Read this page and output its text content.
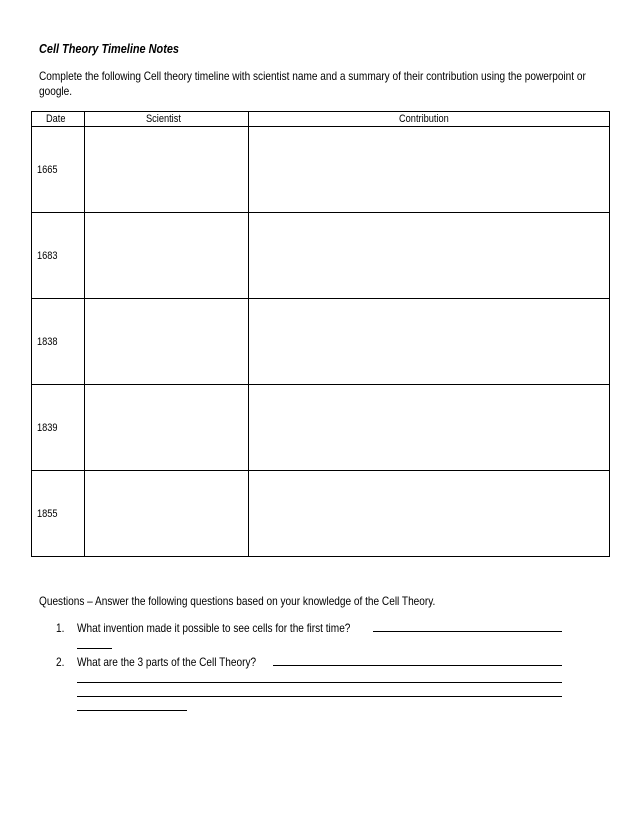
Cell Theory Timeline Notes
Complete the following Cell theory timeline with scientist name and a summary of their contribution using the powerpoint or
google.
Date	Scientist	Contribution
1665		
1683		
1838		
1839		
1855		
Questions – Answer the following questions based on your knowledge of the Cell Theory.
1. What invention made it possible to see cells for the first time?
2. What are the 3 parts of the Cell Theory?
